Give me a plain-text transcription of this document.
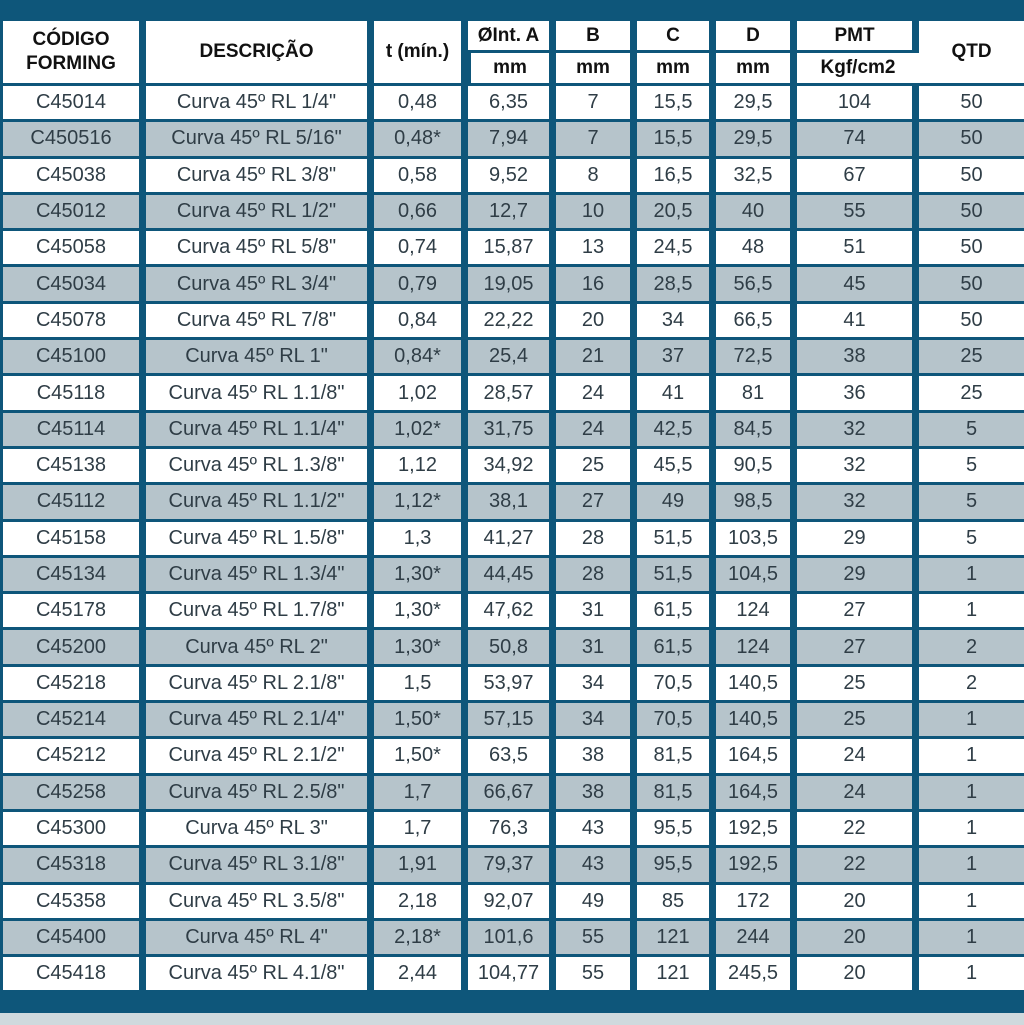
CÓDIGO
FORMING	DESCRIÇÃO	t (mín.)	ØInt. A	B	C	D	PMT	QTD
			mm	mm	mm	mm	Kgf/cm2	
C45014	Curva 45º RL 1/4"	0,48	6,35	7	15,5	29,5	104	50
C450516	Curva 45º RL 5/16"	0,48*	7,94	7	15,5	29,5	74	50
C45038	Curva 45º RL 3/8"	0,58	9,52	8	16,5	32,5	67	50
C45012	Curva 45º RL 1/2"	0,66	12,7	10	20,5	40	55	50
C45058	Curva 45º RL 5/8"	0,74	15,87	13	24,5	48	51	50
C45034	Curva 45º RL 3/4"	0,79	19,05	16	28,5	56,5	45	50
C45078	Curva 45º RL 7/8"	0,84	22,22	20	34	66,5	41	50
C45100	Curva 45º RL 1"	0,84*	25,4	21	37	72,5	38	25
C45118	Curva 45º RL 1.1/8"	1,02	28,57	24	41	81	36	25
C45114	Curva 45º RL 1.1/4"	1,02*	31,75	24	42,5	84,5	32	5
C45138	Curva 45º RL 1.3/8"	1,12	34,92	25	45,5	90,5	32	5
C45112	Curva 45º RL 1.1/2"	1,12*	38,1	27	49	98,5	32	5
C45158	Curva 45º RL 1.5/8"	1,3	41,27	28	51,5	103,5	29	5
C45134	Curva 45º RL 1.3/4"	1,30*	44,45	28	51,5	104,5	29	1
C45178	Curva 45º RL 1.7/8"	1,30*	47,62	31	61,5	124	27	1
C45200	Curva 45º RL 2"	1,30*	50,8	31	61,5	124	27	2
C45218	Curva 45º RL 2.1/8"	1,5	53,97	34	70,5	140,5	25	2
C45214	Curva 45º RL 2.1/4"	1,50*	57,15	34	70,5	140,5	25	1
C45212	Curva 45º RL 2.1/2"	1,50*	63,5	38	81,5	164,5	24	1
C45258	Curva 45º RL 2.5/8"	1,7	66,67	38	81,5	164,5	24	1
C45300	Curva 45º RL 3"	1,7	76,3	43	95,5	192,5	22	1
C45318	Curva 45º RL 3.1/8"	1,91	79,37	43	95,5	192,5	22	1
C45358	Curva 45º RL 3.5/8"	2,18	92,07	49	85	172	20	1
C45400	Curva 45º RL 4"	2,18*	101,6	55	121	244	20	1
C45418	Curva 45º RL 4.1/8"	2,44	104,77	55	121	245,5	20	1
